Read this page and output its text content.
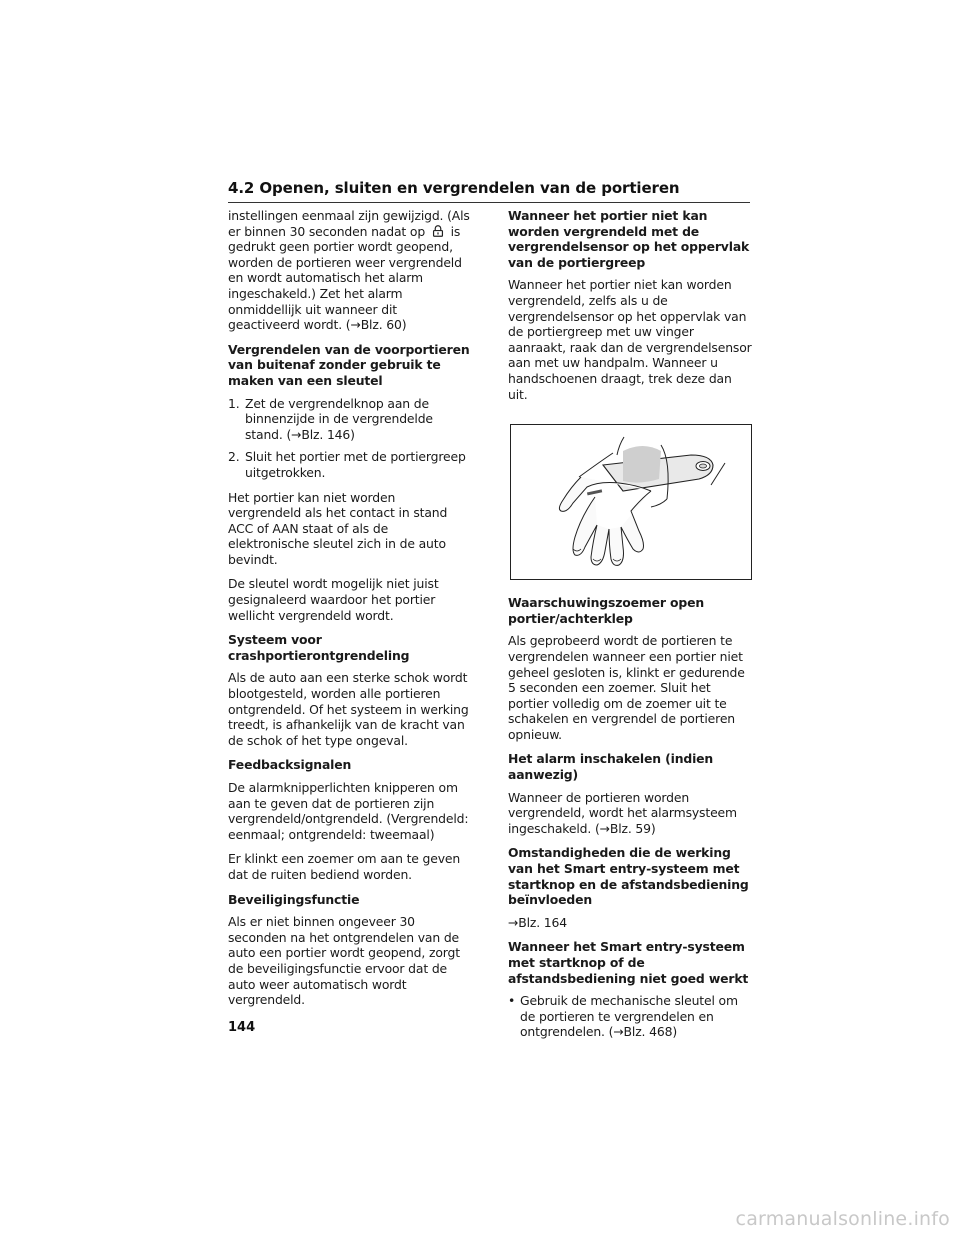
4.2 Openen, sluiten en vergrendelen van de portieren

instellingen eenmaal zijn gewijzigd. (Als er binnen 30 seconden nadat op is gedrukt geen portier wordt geopend, worden de portieren weer vergrendeld en wordt automatisch het alarm ingeschakeld.) Zet het alarm onmiddellijk uit wanneer dit geactiveerd wordt. (→Blz. 60)

Vergrendelen van de voorportieren van buitenaf zonder gebruik te maken van een sleutel
1. Zet de vergrendelknop aan de binnenzijde in de vergrendelde stand. (→Blz. 146)
2. Sluit het portier met de portiergreep uitgetrokken.

Het portier kan niet worden vergrendeld als het contact in stand ACC of AAN staat of als de elektronische sleutel zich in de auto bevindt.

De sleutel wordt mogelijk niet juist gesignaleerd waardoor het portier wellicht vergrendeld wordt.

Systeem voor crashportierontgrendeling

Als de auto aan een sterke schok wordt blootgesteld, worden alle portieren ontgrendeld. Of het systeem in werking treedt, is afhankelijk van de kracht van de schok of het type ongeval.

Feedbacksignalen

De alarmknipperlichten knipperen om aan te geven dat de portieren zijn vergrendeld/ontgrendeld. (Vergrendeld: eenmaal; ontgrendeld: tweemaal)

Er klinkt een zoemer om aan te geven dat de ruiten bediend worden.

Beveiligingsfunctie

Als er niet binnen ongeveer 30 seconden na het ontgrendelen van de auto een portier wordt geopend, zorgt de beveiligingsfunctie ervoor dat de auto weer automatisch wordt vergrendeld.

Wanneer het portier niet kan worden vergrendeld met de vergrendelsensor op het oppervlak van de portiergreep

Wanneer het portier niet kan worden vergrendeld, zelfs als u de vergrendelsensor op het oppervlak van de portiergreep met uw vinger aanraakt, raak dan de vergrendelsensor aan met uw handpalm. Wanneer u handschoenen draagt, trek deze dan uit.

Waarschuwingszoemer open portier/achterklep

Als geprobeerd wordt de portieren te vergrendelen wanneer een portier niet geheel gesloten is, klinkt er gedurende 5 seconden een zoemer. Sluit het portier volledig om de zoemer uit te schakelen en vergrendel de portieren opnieuw.

Het alarm inschakelen (indien aanwezig)

Wanneer de portieren worden vergrendeld, wordt het alarmsysteem ingeschakeld. (→Blz. 59)

Omstandigheden die de werking van het Smart entry-systeem met startknop en de afstandsbediening beïnvloeden

→Blz. 164

Wanneer het Smart entry-systeem met startknop of de afstandsbediening niet goed werkt
• Gebruik de mechanische sleutel om de portieren te vergrendelen en ontgrendelen. (→Blz. 468)
144
carmanualsonline.info
